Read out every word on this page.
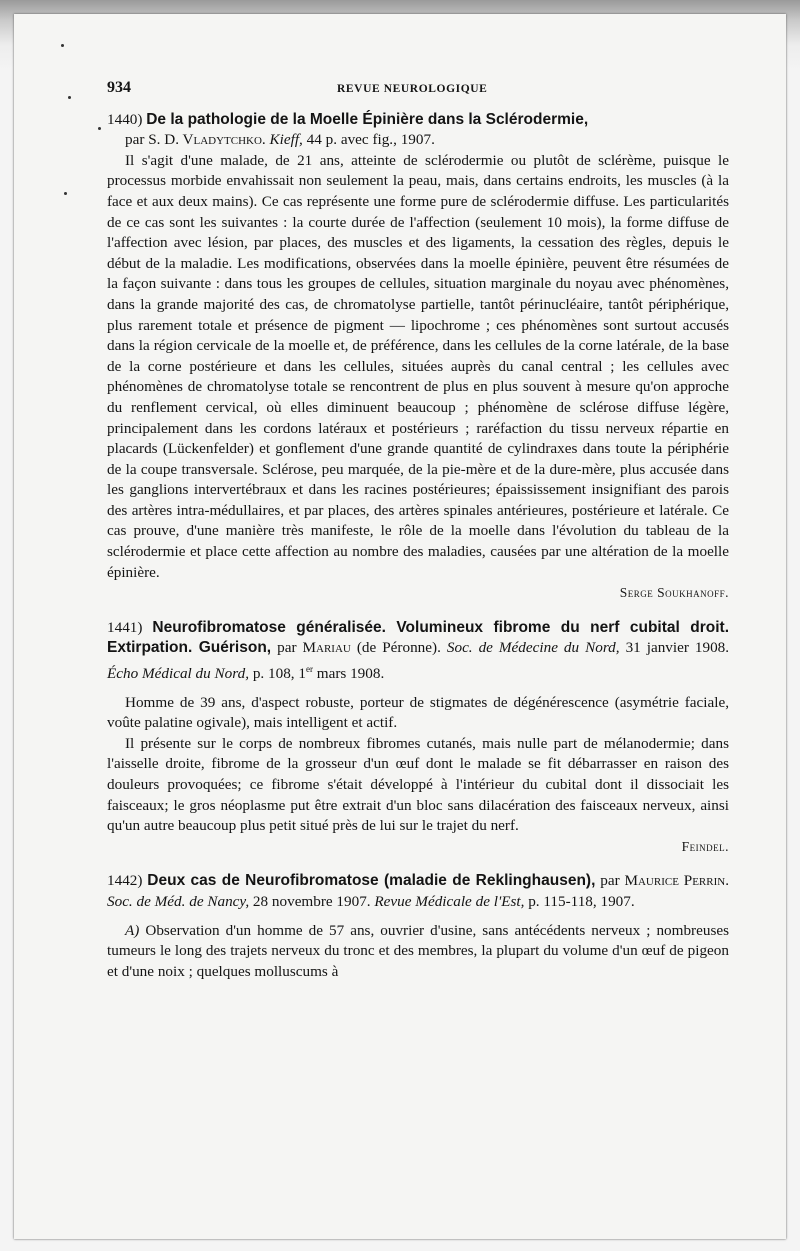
934	REVUE NEUROLOGIQUE
1440) De la pathologie de la Moelle Épinière dans la Sclérodermie,
par S. D. Vladytchko. Kieff, 44 p. avec fig., 1907.

Il s'agit d'une malade, de 21 ans, atteinte de sclérodermie ou plutôt de sclérème, puisque le processus morbide envahissait non seulement la peau, mais, dans certains endroits, les muscles (à la face et aux deux mains). Ce cas représente une forme pure de sclérodermie diffuse. Les particularités de ce cas sont les suivantes : la courte durée de l'affection (seulement 10 mois), la forme diffuse de l'affection avec lésion, par places, des muscles et des ligaments, la cessation des règles, depuis le début de la maladie. Les modifications, observées dans la moelle épinière, peuvent être résumées de la façon suivante : dans tous les groupes de cellules, situation marginale du noyau avec phénomènes, dans la grande majorité des cas, de chromatolyse partielle, tantôt périnucléaire, tantôt périphérique, plus rarement totale et présence de pigment — lipochrome ; ces phénomènes sont surtout accusés dans la région cervicale de la moelle et, de préférence, dans les cellules de la corne latérale, de la base de la corne postérieure et dans les cellules, situées auprès du canal central ; les cellules avec phénomènes de chromatolyse totale se rencontrent de plus en plus souvent à mesure qu'on approche du renflement cervical, où elles diminuent beaucoup ; phénomène de sclérose diffuse légère, principalement dans les cordons latéraux et postérieurs ; raréfaction du tissu nerveux répartie en placards (Lückenfelder) et gonflement d'une grande quantité de cylindraxes dans toute la périphérie de la coupe transversale. Sclérose, peu marquée, de la pie-mère et de la dure-mère, plus accusée dans les ganglions intervertébraux et dans les racines postérieures; épaississement insignifiant des parois des artères intra-médullaires, et par places, des artères spinales antérieures, postérieure et latérale. Ce cas prouve, d'une manière très manifeste, le rôle de la moelle dans l'évolution du tableau de la sclérodermie et place cette affection au nombre des maladies, causées par une altération de la moelle épinière.

Serge Soukhanoff.
1441) Neurofibromatose généralisée. Volumineux fibrome du nerf cubital droit. Extirpation. Guérison, par Mariau (de Péronne). Soc. de Médecine du Nord, 31 janvier 1908. Écho Médical du Nord, p. 108, 1er mars 1908.

Homme de 39 ans, d'aspect robuste, porteur de stigmates de dégénérescence (asymétrie faciale, voûte palatine ogivale), mais intelligent et actif.

Il présente sur le corps de nombreux fibromes cutanés, mais nulle part de mélanodermie; dans l'aisselle droite, fibrome de la grosseur d'un œuf dont le malade se fit débarrasser en raison des douleurs provoquées; ce fibrome s'était développé à l'intérieur du cubital dont il dissociait les faisceaux; le gros néoplasme put être extrait d'un bloc sans dilacération des faisceaux nerveux, ainsi qu'un autre beaucoup plus petit situé près de lui sur le trajet du nerf.

Feindel.
1442) Deux cas de Neurofibromatose (maladie de Reklinghausen), par Maurice Perrin. Soc. de Méd. de Nancy, 28 novembre 1907. Revue Médicale de l'Est, p. 115-118, 1907.

A) Observation d'un homme de 57 ans, ouvrier d'usine, sans antécédents nerveux ; nombreuses tumeurs le long des trajets nerveux du tronc et des membres, la plupart du volume d'un œuf de pigeon et d'une noix ; quelques molluscums à
